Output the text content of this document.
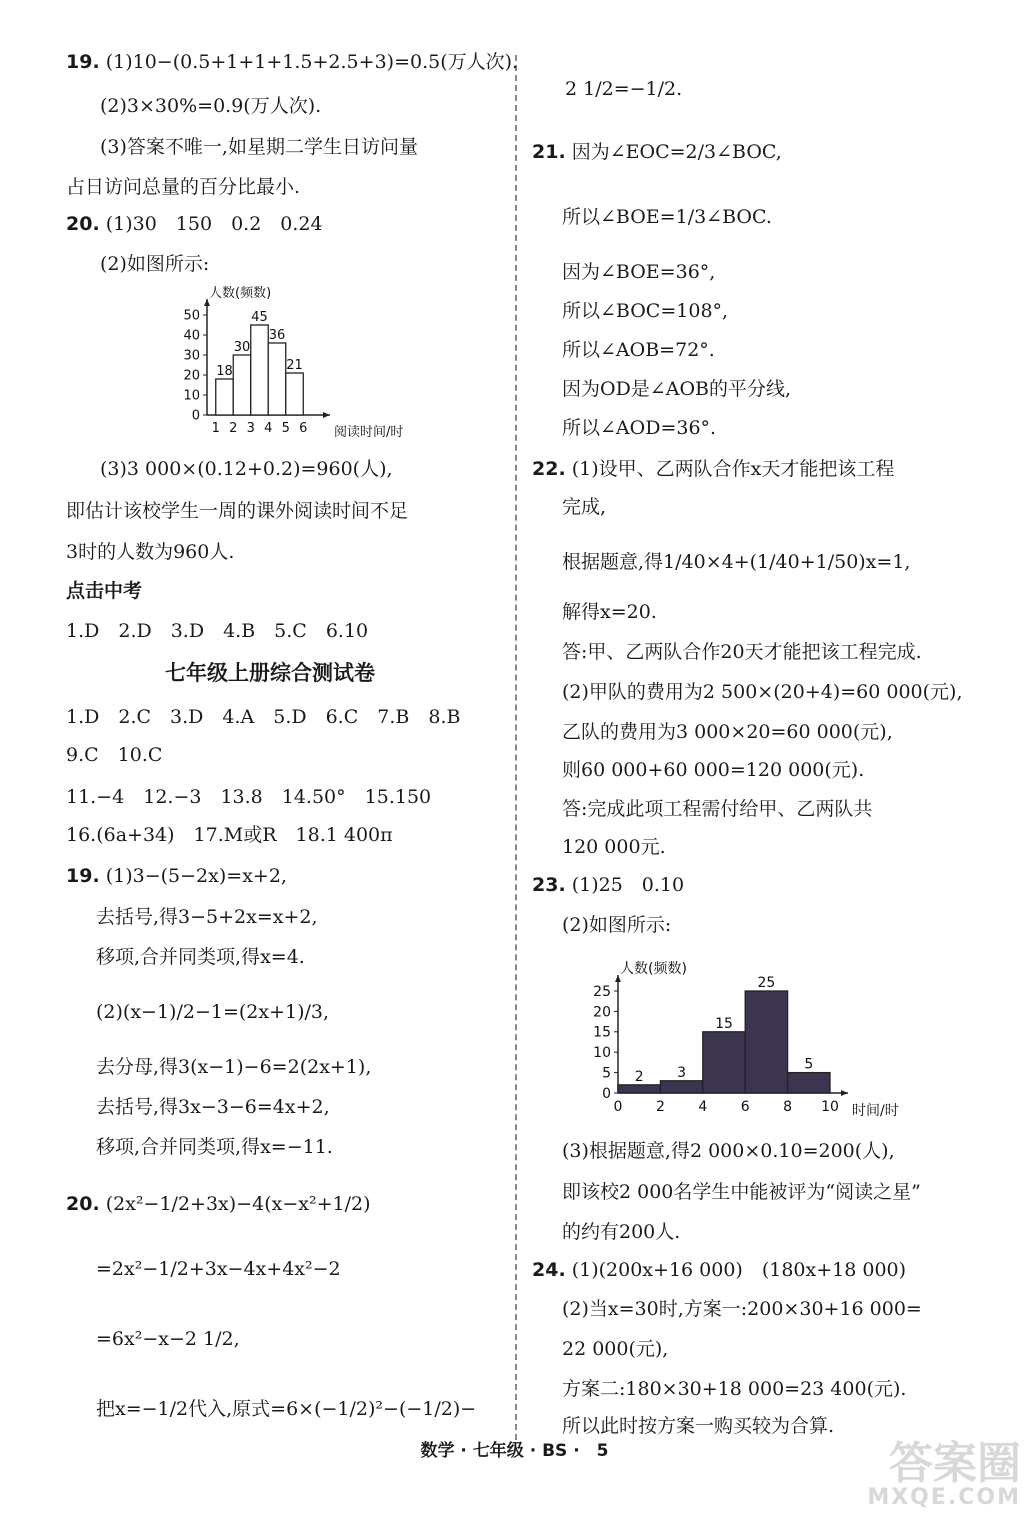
19. (1)10−(0.5+1+1+1.5+2.5+3)=0.5(万人次).
(2)3×30%=0.9(万人次).
(3)答案不唯一,如星期二学生日访问量
占日访问总量的百分比最小.
20. (1)30　150　0.2　0.24
(2)如图所示:
18
30
45
36
21
0
10
20
30
40
50
1 2 3 4 5 6
人数(频数)
阅读时间/时
(3)3 000×(0.12+0.2)=960(人),
即估计该校学生一周的课外阅读时间不足
3时的人数为960人.
点击中考
1.D　2.D　3.D　4.B　5.C　6.10
七年级上册综合测试卷
1.D　2.C　3.D　4.A　5.D　6.C　7.B　8.B
9.C　10.C
11.−4　12.−3　13.8　14.50°　15.150
16.(6a+34)　17.M或R　18.1 400π
19. (1)3−(5−2x)=x+2,
去括号,得3−5+2x=x+2,
移项,合并同类项,得x=4.
(2)(x−1)/2−1=(2x+1)/3,
去分母,得3(x−1)−6=2(2x+1),
去括号,得3x−3−6=4x+2,
移项,合并同类项,得x=−11.
20. (2x²−1/2+3x)−4(x−x²+1/2)
=2x²−1/2+3x−4x+4x²−2
=6x²−x−2 1/2,
把x=−1/2代入,原式=6×(−1/2)²−(−1/2)−
2 1/2=−1/2.
21. 因为∠EOC=2/3∠BOC,
所以∠BOE=1/3∠BOC.
因为∠BOE=36°,
所以∠BOC=108°,
所以∠AOB=72°.
因为OD是∠AOB的平分线,
所以∠AOD=36°.
22. (1)设甲、乙两队合作x天才能把该工程
完成,
根据题意,得1/40×4+(1/40+1/50)x=1,
解得x=20.
答:甲、乙两队合作20天才能把该工程完成.
(2)甲队的费用为2 500×(20+4)=60 000(元),
乙队的费用为3 000×20=60 000(元),
则60 000+60 000=120 000(元).
答:完成此项工程需付给甲、乙两队共
120 000元.
23. (1)25　0.10
(2)如图所示:
2 3
15
25
5
0
5
10
15
20
25
0 2 4 6 8 10
人数(频数)
时间/时
(3)根据题意,得2 000×0.10=200(人),
即该校2 000名学生中能被评为“阅读之星”
的约有200人.
24. (1)(200x+16 000)　(180x+18 000)
(2)当x=30时,方案一:200×30+16 000=
22 000(元),
方案二:180×30+18 000=23 400(元).
所以此时按方案一购买较为合算.
数学 · 七年级 · BS ·　5	答案圈
MXQE.COM
